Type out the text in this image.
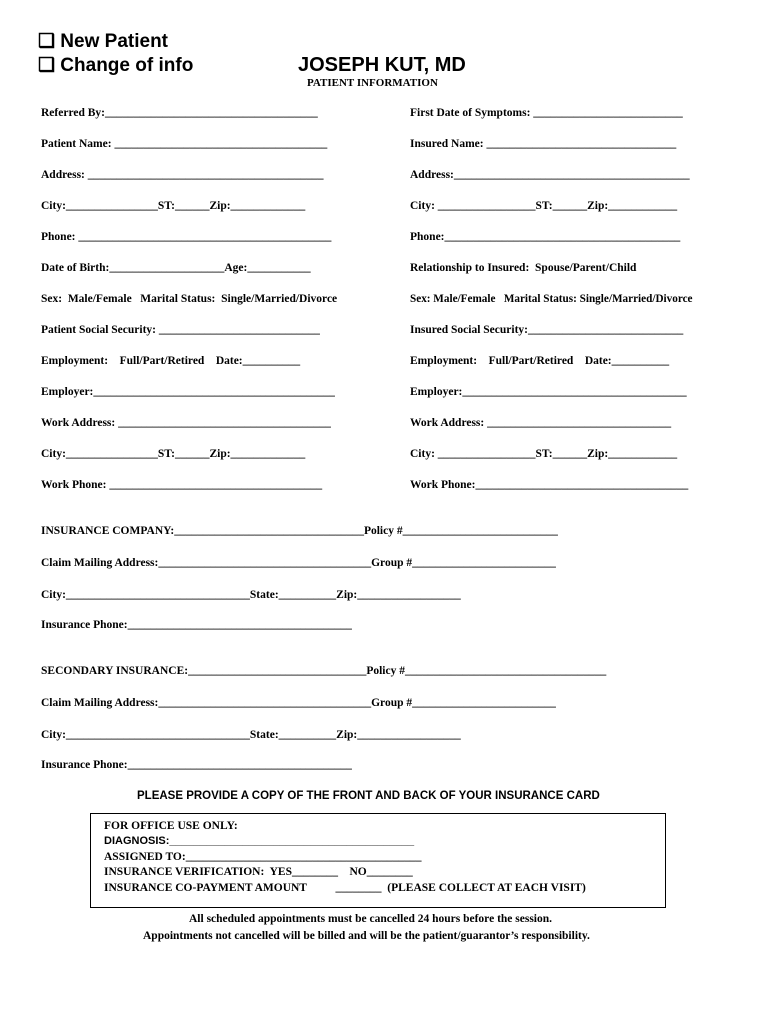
❑ New Patient
❑ Change of info	JOSEPH KUT, MD
PATIENT INFORMATION
Referred By:_____________________________________
Patient Name: _____________________________________
Address: _________________________________________
City:________________ST:______Zip:_____________
Phone: ____________________________________________
Date of Birth:____________________Age:___________
Sex:  Male/Female   Marital Status:  Single/Married/Divorce
Patient Social Security: ____________________________
Employment:    Full/Part/Retired    Date:__________
Employer:__________________________________________
Work Address: _____________________________________
City:________________ST:______Zip:_____________
Work Phone: _____________________________________
First Date of Symptoms: __________________________
Insured Name: _________________________________
Address:_________________________________________
City: _________________ST:______Zip:____________
Phone:_________________________________________
Relationship to Insured:  Spouse/Parent/Child
Sex: Male/Female   Marital Status: Single/Married/Divorce
Insured Social Security:___________________________
Employment:    Full/Part/Retired    Date:__________
Employer:_______________________________________
Work Address: ________________________________
City: _________________ST:______Zip:____________
Work Phone:_____________________________________
INSURANCE COMPANY:_________________________________Policy #___________________________
Claim Mailing Address:_____________________________________Group #_________________________
City:________________________________State:__________Zip:__________________
Insurance Phone:_______________________________________
SECONDARY INSURANCE:_______________________________Policy #___________________________________
Claim Mailing Address:_____________________________________Group #_________________________
City:________________________________State:__________Zip:__________________
Insurance Phone:_______________________________________
PLEASE PROVIDE A COPY OF THE FRONT AND BACK OF YOUR INSURANCE CARD
FOR OFFICE USE ONLY:
DIAGNOSIS:________________________________________
ASSIGNED TO:_________________________________________
INSURANCE VERIFICATION:  YES________    NO________
INSURANCE CO-PAYMENT AMOUNT          ________  (PLEASE COLLECT AT EACH VISIT)
All scheduled appointments must be cancelled 24 hours before the session.
Appointments not cancelled will be billed and will be the patient/guarantor’s responsibility.
